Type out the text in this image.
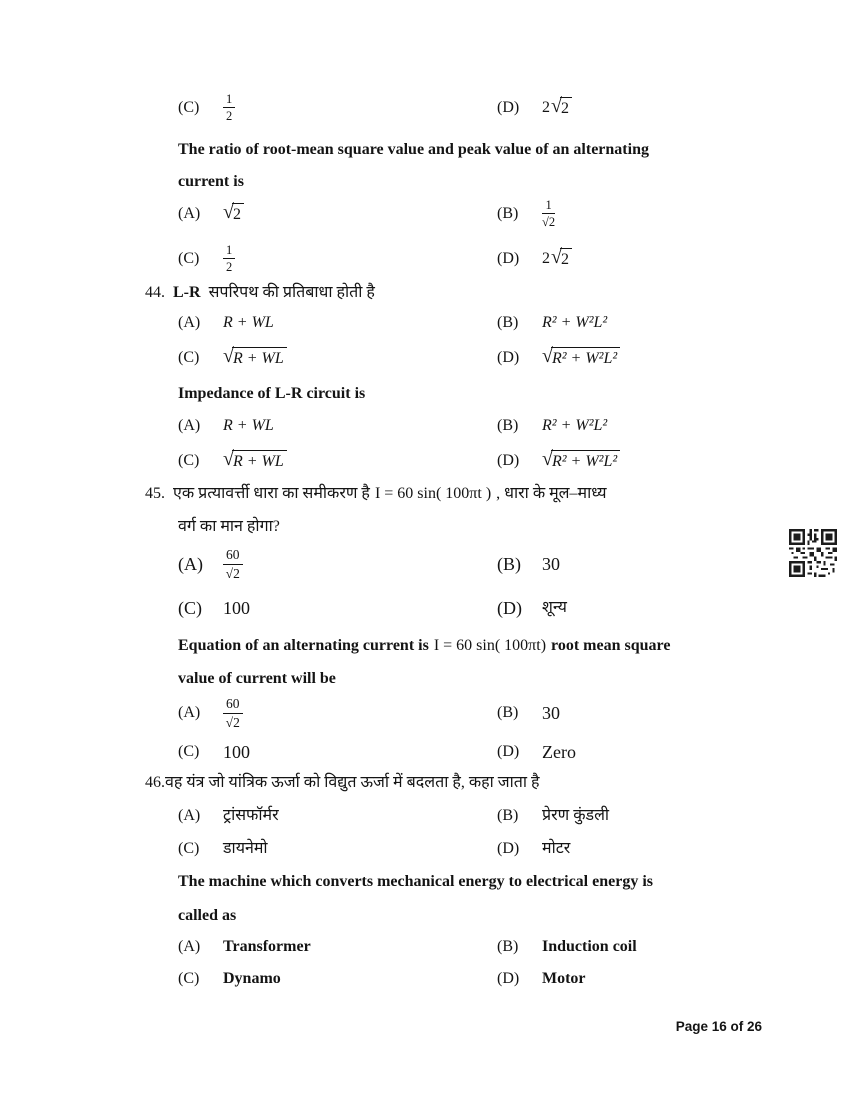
(C)	$\frac{1}{2}$	(D)	2 √ 2
The ratio of root-mean square value and peak value of an alternating
current is
(A)	√ 2	(B)	$\frac{1}{√2}$
(C)	$\frac{1}{2}$	(D)	2 √ 2
44. L-R सपरिपथ की प्रतिबाधा होती है
(A)	R + WL	(B)	R² + W²L²
(C)	√ R + WL	(D)	√ R² + W²L²
Impedance of L-R circuit is
(A)	R + WL	(B)	R² + W²L²
(C)	√ R + WL	(D)	√ R² + W²L²
45. एक प्रत्यावर्त्ती धारा का समीकरण है I = 60 sin( 100πt ) , धारा के मूल–माध्य
वर्ग का मान होगा?
(A)	$\frac{60}{√2}$	(B)	30
(C)	100	(D)	शून्य
Equation of an alternating current is I = 60 sin( 100πt) root mean square
value of current will be
(A)	$\frac{60}{√2}$	(B)	30
(C)	100	(D)	Zero
46.वह यंत्र जो यांत्रिक ऊर्जा को विद्युत ऊर्जा में बदलता है, कहा जाता है
(A)	ट्रांसफॉर्मर	(B)	प्रेरण कुंडली
(C)	डायनेमो	(D)	मोटर
The machine which converts mechanical energy to electrical energy is
called as
(A)	Transformer	(B)	Induction coil
(C)	Dynamo	(D)	Motor
Page 16 of 26
